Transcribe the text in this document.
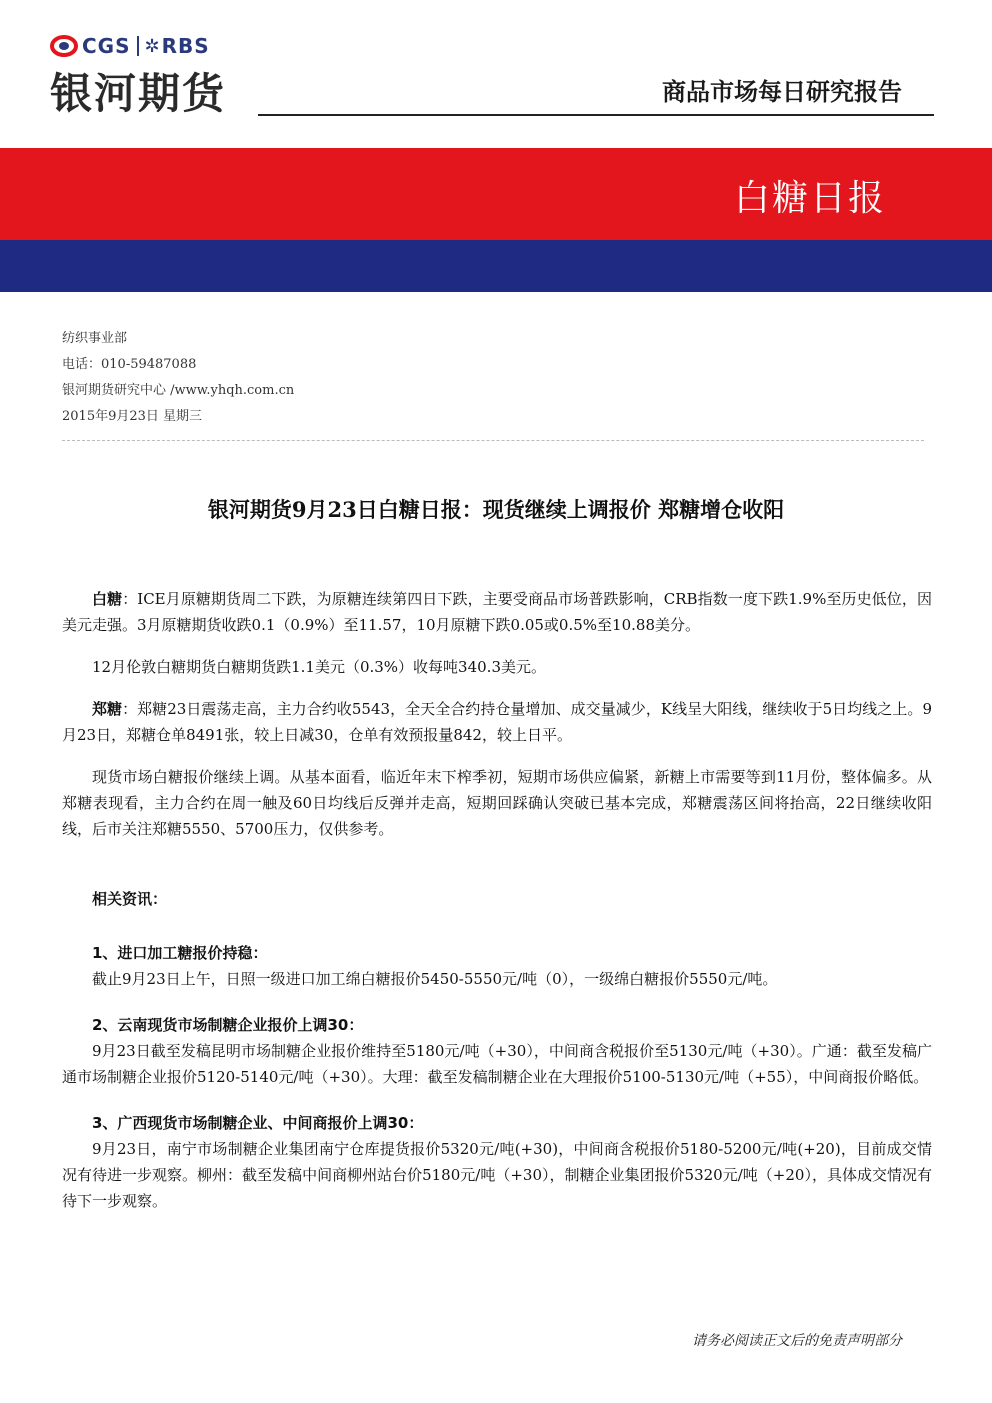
CGS ✲ RBS
银河期货	商品市场每日研究报告
白糖日报
纺织事业部
电话：010-59487088
银河期货研究中心 /www.yhqh.com.cn
2015年9月23日 星期三
银河期货9月23日白糖日报：现货继续上调报价 郑糖增仓收阳

白糖：ICE月原糖期货周二下跌，为原糖连续第四日下跌，主要受商品市场普跌影响，CRB指数一度下跌1.9%至历史低位，因美元走强。3月原糖期货收跌0.1（0.9%）至11.57，10月原糖下跌0.05或0.5%至10.88美分。

12月伦敦白糖期货白糖期货跌1.1美元（0.3%）收每吨340.3美元。

郑糖：郑糖23日震荡走高，主力合约收5543，全天全合约持仓量增加、成交量减少，K线呈大阳线，继续收于5日均线之上。9月23日，郑糖仓单8491张，较上日减30，仓单有效预报量842，较上日平。

现货市场白糖报价继续上调。从基本面看，临近年末下榨季初，短期市场供应偏紧，新糖上市需要等到11月份，整体偏多。从郑糖表现看，主力合约在周一触及60日均线后反弹并走高，短期回踩确认突破已基本完成，郑糖震荡区间将抬高，22日继续收阳线，后市关注郑糖5550、5700压力，仅供参考。

相关资讯：
1、进口加工糖报价持稳：

截止9月23日上午，日照一级进口加工绵白糖报价5450-5550元/吨（0），一级绵白糖报价5550元/吨。

2、云南现货市场制糖企业报价上调30：

9月23日截至发稿昆明市场制糖企业报价维持至5180元/吨（+30），中间商含税报价至5130元/吨（+30）。广通：截至发稿广通市场制糖企业报价5120-5140元/吨（+30）。大理：截至发稿制糖企业在大理报价5100-5130元/吨（+55），中间商报价略低。

3、广西现货市场制糖企业、中间商报价上调30：

9月23日，南宁市场制糖企业集团南宁仓库提货报价5320元/吨(+30)，中间商含税报价5180-5200元/吨(+20)，目前成交情况有待进一步观察。柳州：截至发稿中间商柳州站台价5180元/吨（+30），制糖企业集团报价5320元/吨（+20），具体成交情况有待下一步观察。

请务必阅读正文后的免责声明部分
